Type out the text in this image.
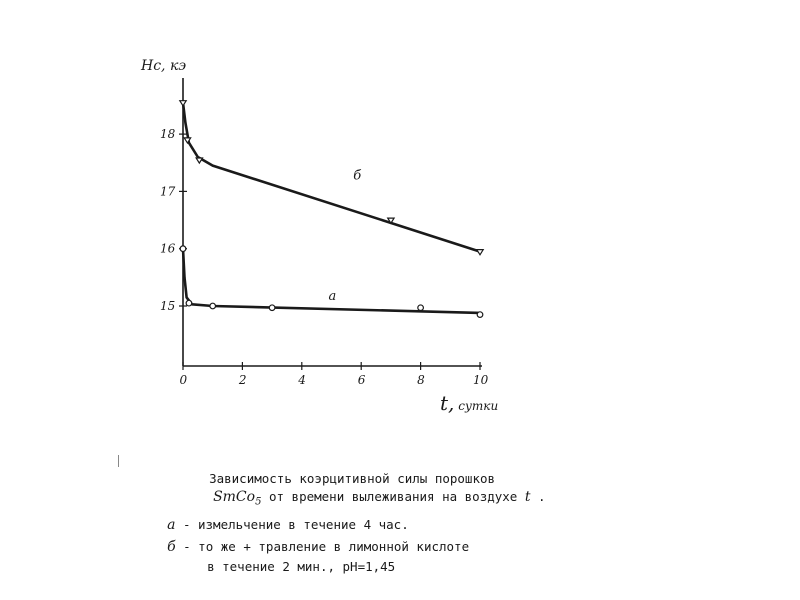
15
16
17
18
0	2	4	6	8	10
б
а
Hc, кэ
t, сутки

Зависимость коэрцитивной силы порошков

SmCo$_5$ от времени вылеживания на воздухе t .

а - измельчение в течение 4 час.

б - то же + травление в лимонной кислоте

в течение 2 мин., pH=1,45
